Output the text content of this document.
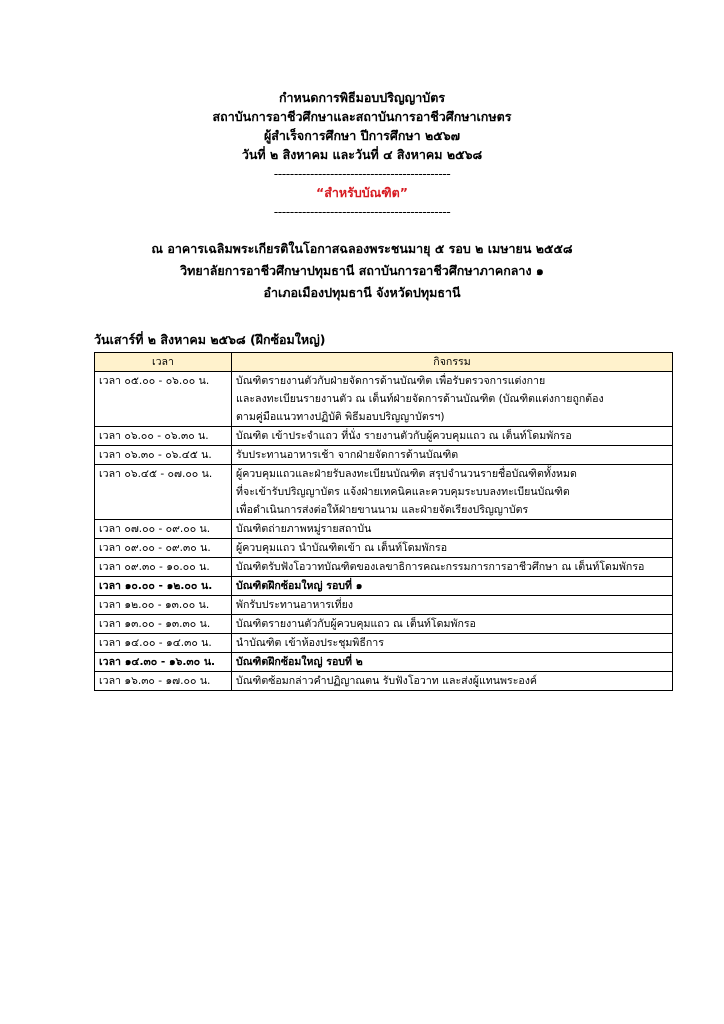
กำหนดการพิธีมอบปริญญาบัตร
สถาบันการอาชีวศึกษาและสถาบันการอาชีวศึกษาเกษตร
ผู้สำเร็จการศึกษา ปีการศึกษา ๒๕๖๗
วันที่ ๒ สิงหาคม และวันที่ ๔ สิงหาคม ๒๕๖๘
--------------------------------------------
“สำหรับบัณฑิต”
--------------------------------------------
ณ อาคารเฉลิมพระเกียรติในโอกาสฉลองพระชนมายุ ๕ รอบ ๒ เมษายน ๒๕๕๘
วิทยาลัยการอาชีวศึกษาปทุมธานี สถาบันการอาชีวศึกษาภาคกลาง ๑
อำเภอเมืองปทุมธานี จังหวัดปทุมธานี
วันเสาร์ที่ ๒ สิงหาคม ๒๕๖๘ (ฝึกซ้อมใหญ่)
เวลา	กิจกรรม
เวลา ๐๕.๐๐ - ๐๖.๐๐ น.	บัณฑิตรายงานตัวกับฝ่ายจัดการด้านบัณฑิต เพื่อรับตรวจการแต่งกาย
และลงทะเบียนรายงานตัว ณ เต็นท์ฝ่ายจัดการด้านบัณฑิต (บัณฑิตแต่งกายถูกต้อง
ตามคู่มือแนวทางปฏิบัติ พิธีมอบปริญญาบัตรฯ)

เวลา ๐๖.๐๐ - ๐๖.๓๐ น.	บัณฑิต เข้าประจำแถว ที่นั่ง รายงานตัวกับผู้ควบคุมแถว ณ เต็นท์โดมพักรอ

เวลา ๐๖.๓๐ - ๐๖.๔๕ น.	รับประทานอาหารเช้า จากฝ่ายจัดการด้านบัณฑิต

เวลา ๐๖.๔๕ - ๐๗.๐๐ น.	ผู้ควบคุมแถวและฝ่ายรับลงทะเบียนบัณฑิต สรุปจำนวนรายชื่อบัณฑิตทั้งหมด
ที่จะเข้ารับปริญญาบัตร แจ้งฝ่ายเทคนิคและควบคุมระบบลงทะเบียนบัณฑิต
เพื่อดำเนินการส่งต่อให้ฝ่ายขานนาม และฝ่ายจัดเรียงปริญญาบัตร

เวลา ๐๗.๐๐ - ๐๙.๐๐ น.	บัณฑิตถ่ายภาพหมู่รายสถาบัน

เวลา ๐๙.๐๐ - ๐๙.๓๐ น.	ผู้ควบคุมแถว นำบัณฑิตเข้า ณ เต็นท์โดมพักรอ

เวลา ๐๙.๓๐ - ๑๐.๐๐ น.	บัณฑิตรับฟังโอวาทบัณฑิตของเลขาธิการคณะกรรมการการอาชีวศึกษา ณ เต็นท์โดมพักรอ

เวลา ๑๐.๐๐ - ๑๒.๐๐ น.	บัณฑิตฝึกซ้อมใหญ่ รอบที่ ๑

เวลา ๑๒.๐๐ - ๑๓.๐๐ น.	พักรับประทานอาหารเที่ยง

เวลา ๑๓.๐๐ - ๑๓.๓๐ น.	บัณฑิตรายงานตัวกับผู้ควบคุมแถว ณ เต็นท์โดมพักรอ

เวลา ๑๔.๐๐ - ๑๔.๓๐ น.	นำบัณฑิต เข้าห้องประชุมพิธีการ

เวลา ๑๔.๓๐ - ๑๖.๓๐ น.	บัณฑิตฝึกซ้อมใหญ่ รอบที่ ๒

เวลา ๑๖.๓๐ - ๑๗.๐๐ น.	บัณฑิตซ้อมกล่าวคำปฏิญาณตน รับฟังโอวาท และส่งผู้แทนพระองค์
